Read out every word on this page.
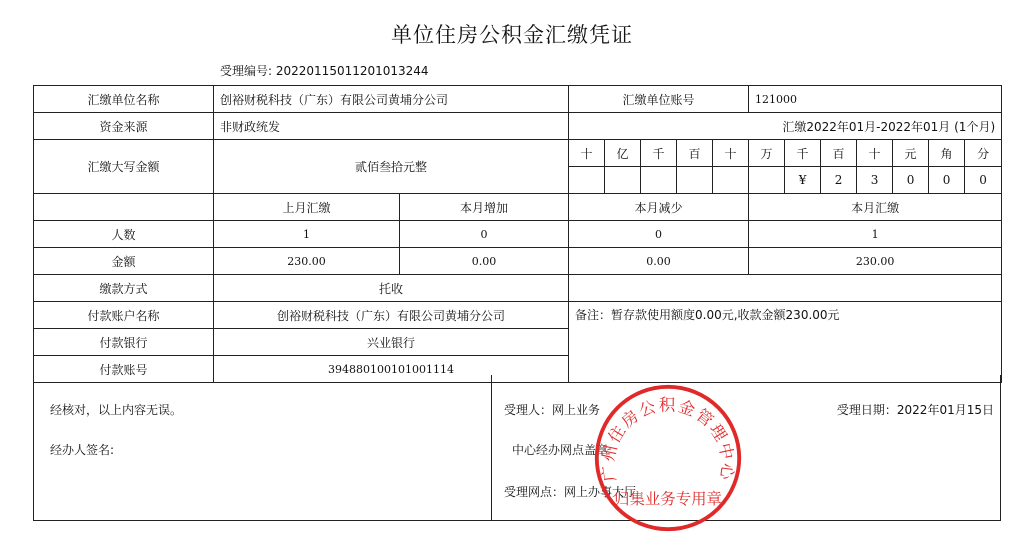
单位住房公积金汇缴凭证
受理编号: 2022011501120101324​4
汇缴单位名称	创裕财税科技（广东）有限公司黄埔分公司		汇缴单位账号					121000						
资金来源	非财政统发		汇缴2022年01月-2022年01月 (1个月)											
汇缴大写金额	贰佰叁拾元整		十	亿	千	百	十	万	千	百	十	元	角	分
									¥	2	3	0	0	0
	上月汇缴	本月增加	本月减少					本月汇缴						
人数	1	0	0					1						
金额	230.00	0.00	0.00					230.00						
缴款方式	托收													
付款账户名称	创裕财税科技（广东）有限公司黄埔分公司		备注：暂存款使用额度0.00元,收款金额230.00元											
付款银行	兴业银行													
付款账号	394880100101001114													
经核对，以上内容无误。
经办人签名:
受理人：网上业务	受理日期：2022年01月15日
中心经办网点盖章
受理网点：网上办事大厅
广州住房公积金管理中心
归集业务专用章
